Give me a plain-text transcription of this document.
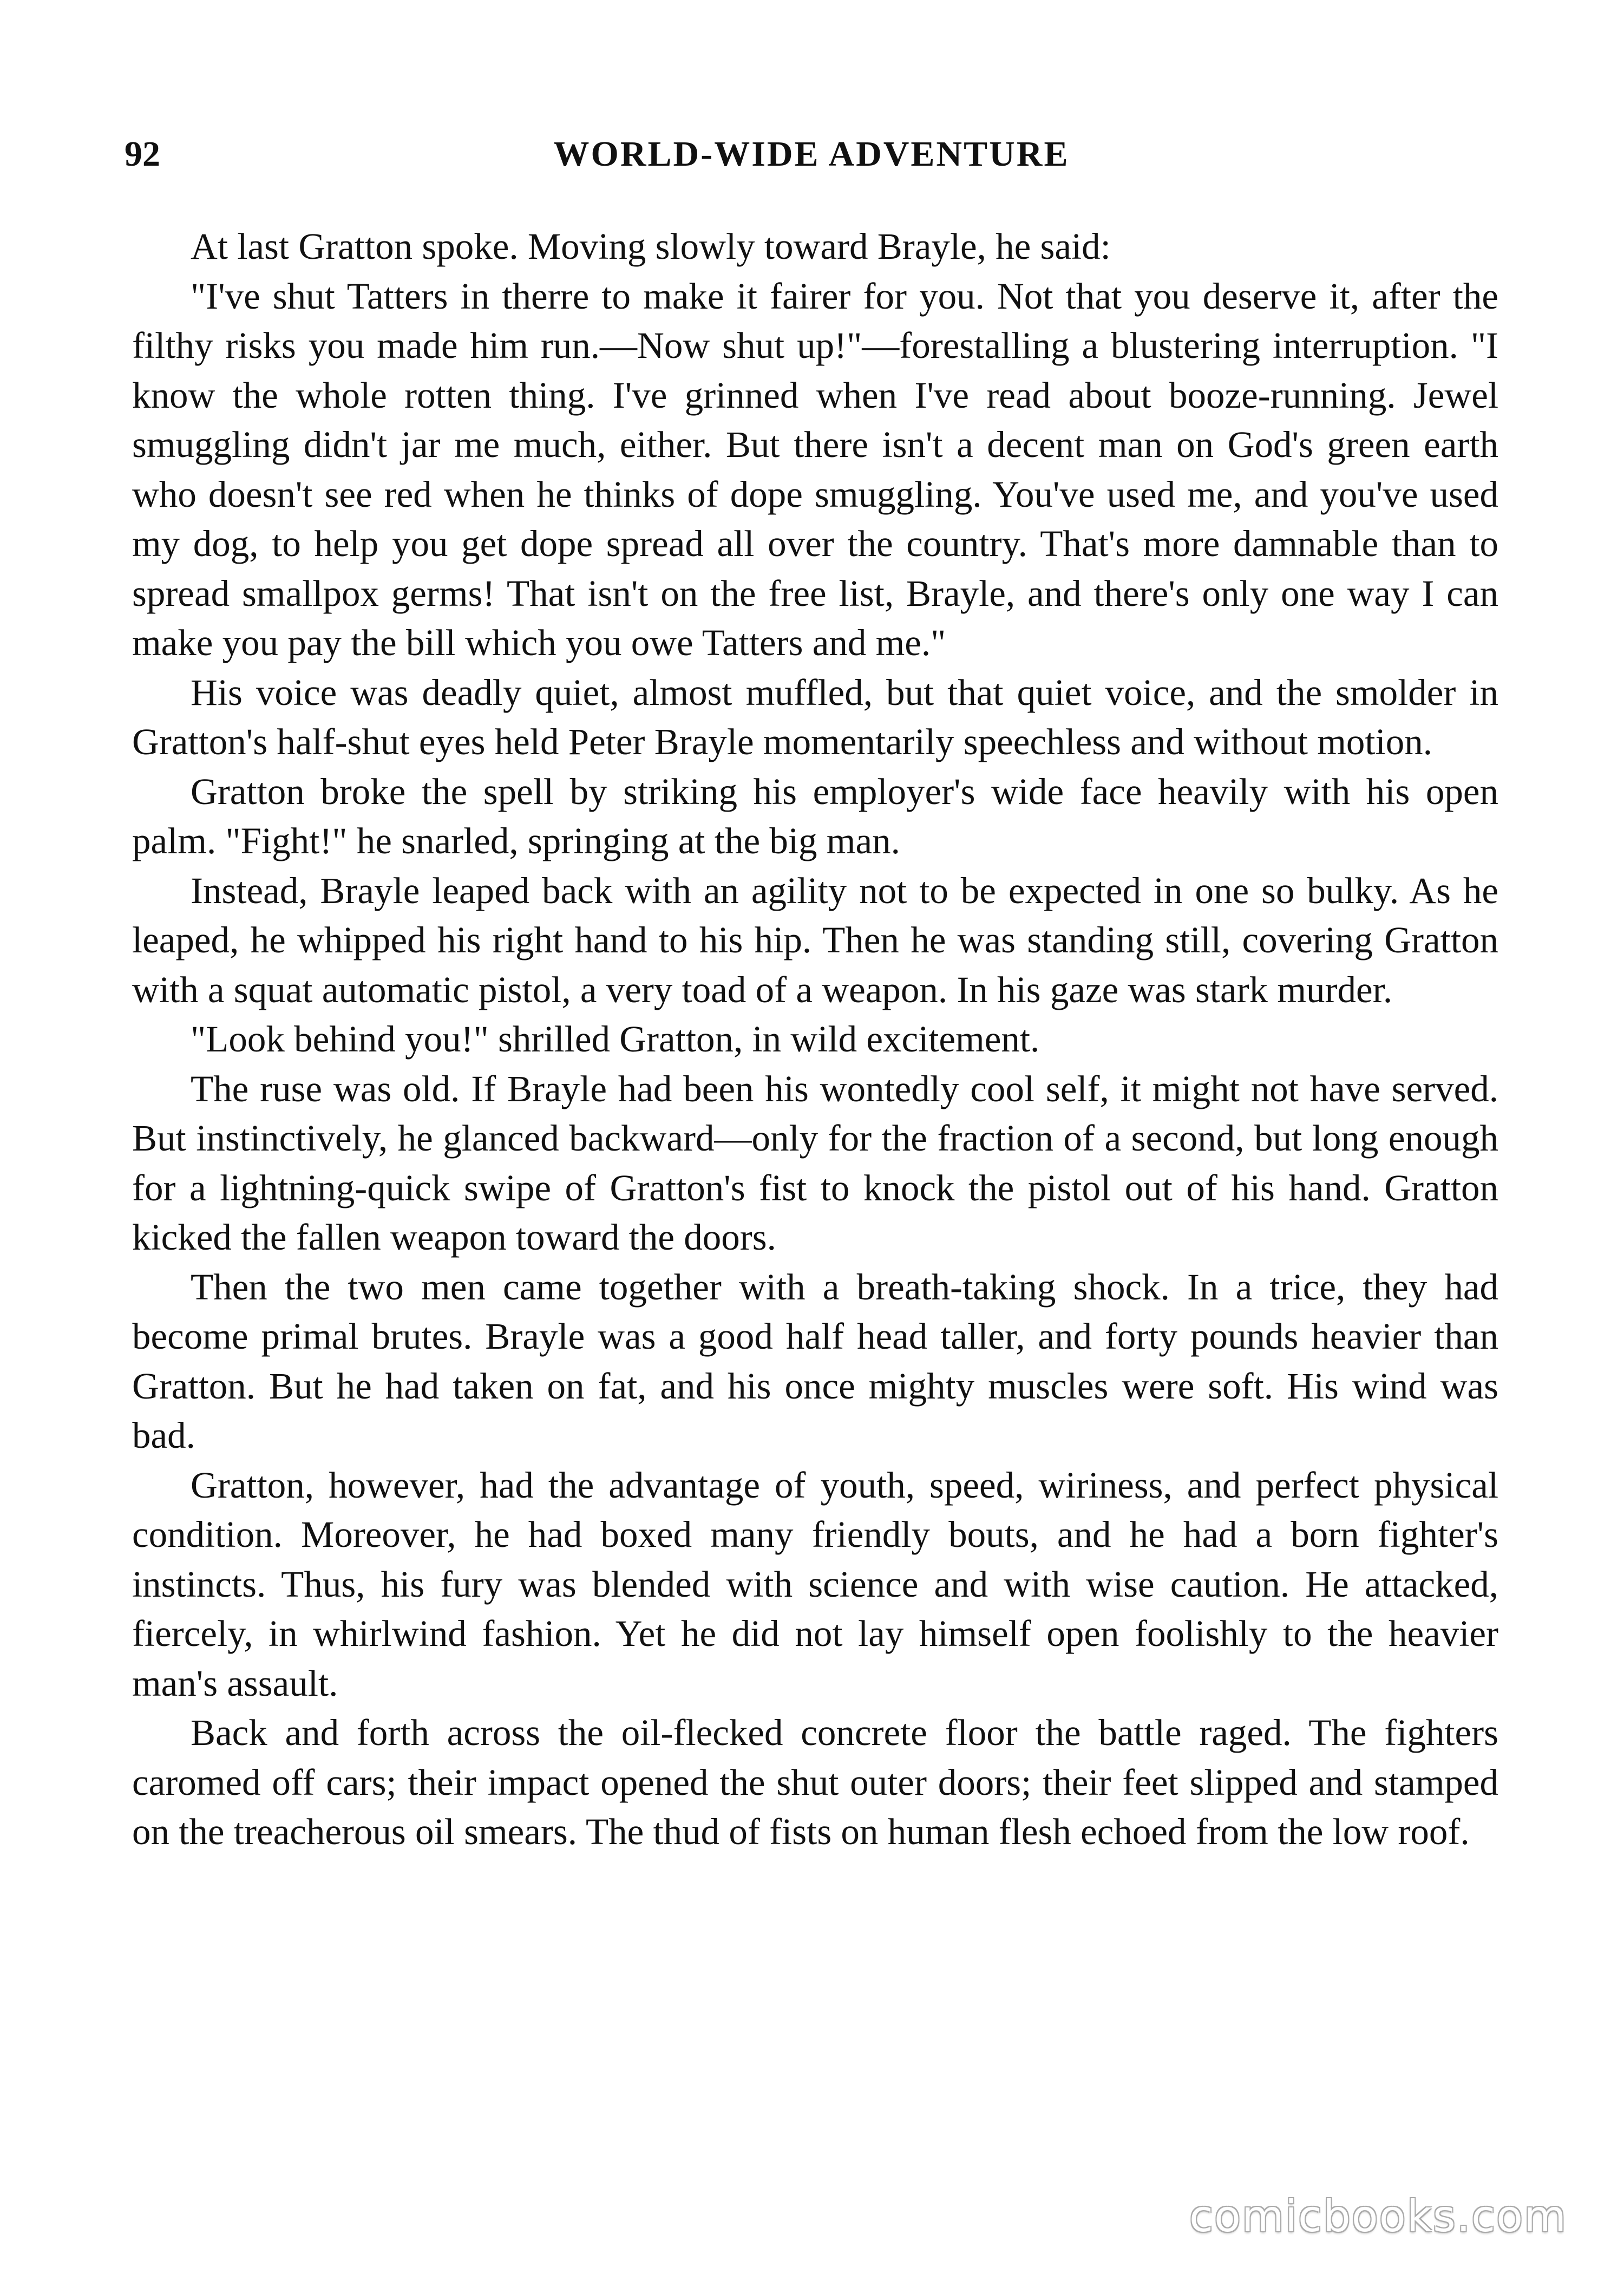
92	WORLD-WIDE ADVENTURE

At last Gratton spoke. Moving slowly toward Brayle, he said:

"I've shut Tatters in therre to make it fairer for you. Not that you deserve it, after the filthy risks you made him run.—Now shut up!"—forestalling a blustering interruption. "I know the whole rotten thing. I've grinned when I've read about booze-running. Jewel smuggling didn't jar me much, either. But there isn't a decent man on God's green earth who doesn't see red when he thinks of dope smuggling. You've used me, and you've used my dog, to help you get dope spread all over the country. That's more damnable than to spread smallpox germs! That isn't on the free list, Brayle, and there's only one way I can make you pay the bill which you owe Tatters and me."

His voice was deadly quiet, almost muffled, but that quiet voice, and the smolder in Gratton's half-shut eyes held Peter Brayle momentarily speechless and without motion.

Gratton broke the spell by striking his employer's wide face heavily with his open palm. "Fight!" he snarled, springing at the big man.

Instead, Brayle leaped back with an agility not to be expected in one so bulky. As he leaped, he whipped his right hand to his hip. Then he was standing still, covering Gratton with a squat automatic pistol, a very toad of a weapon. In his gaze was stark murder.

"Look behind you!" shrilled Gratton, in wild excitement.

The ruse was old. If Brayle had been his wontedly cool self, it might not have served. But instinctively, he glanced backward—only for the fraction of a second, but long enough for a lightning-quick swipe of Gratton's fist to knock the pistol out of his hand. Gratton kicked the fallen weapon toward the doors.

Then the two men came together with a breath-taking shock. In a trice, they had become primal brutes. Brayle was a good half head taller, and forty pounds heavier than Gratton. But he had taken on fat, and his once mighty muscles were soft. His wind was bad.

Gratton, however, had the advantage of youth, speed, wiriness, and perfect physical condition. Moreover, he had boxed many friendly bouts, and he had a born fighter's instincts. Thus, his fury was blended with science and with wise caution. He attacked, fiercely, in whirlwind fashion. Yet he did not lay himself open foolishly to the heavier man's assault.

Back and forth across the oil-flecked concrete floor the battle raged. The fighters caromed off cars; their impact opened the shut outer doors; their feet slipped and stamped on the treacherous oil smears. The thud of fists on human flesh echoed from the low roof.

comicbooks.com
